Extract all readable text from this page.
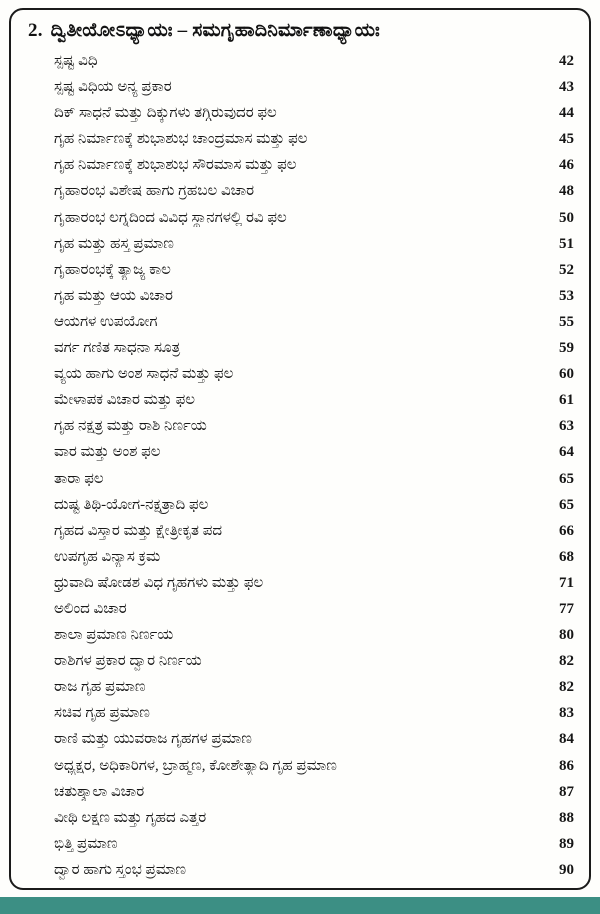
2. ದ್ವಿತೀಯೋಽಧ್ಯಾಯಃ – ಸಮಗೃಹಾದಿನಿರ್ಮಾಣಾಧ್ಯಾಯಃ
ಸ್ಪಷ್ಟ ವಿಧಿ	42
ಸ್ಪಷ್ಟ ವಿಧಿಯ ಅನ್ಯ ಪ್ರಕಾರ	43
ದಿಕ್ ಸಾಧನೆ ಮತ್ತು ದಿಕ್ಕುಗಳು ತಗ್ಗಿರುವುದರ ಫಲ	44
ಗೃಹ ನಿರ್ಮಾಣಕ್ಕೆ ಶುಭಾಶುಭ ಚಾಂದ್ರಮಾಸ ಮತ್ತು ಫಲ	45
ಗೃಹ ನಿರ್ಮಾಣಕ್ಕೆ ಶುಭಾಶುಭ ಸೌರಮಾಸ ಮತ್ತು ಫಲ	46
ಗೃಹಾರಂಭ ವಿಶೇಷ ಹಾಗು ಗ್ರಹಬಲ ವಿಚಾರ	48
ಗೃಹಾರಂಭ ಲಗ್ನದಿಂದ ವಿವಿಧ ಸ್ಥಾನಗಳಲ್ಲಿ ರವಿ ಫಲ	50
ಗೃಹ ಮತ್ತು ಹಸ್ತ ಪ್ರಮಾಣ	51
ಗೃಹಾರಂಭಕ್ಕೆ ತ್ಯಾಜ್ಯ ಕಾಲ	52
ಗೃಹ ಮತ್ತು ಆಯ ವಿಚಾರ	53
ಆಯಗಳ ಉಪಯೋಗ	55
ವರ್ಗ ಗಣಿತ ಸಾಧನಾ ಸೂತ್ರ	59
ವ್ಯಯ ಹಾಗು ಅಂಶ ಸಾಧನೆ ಮತ್ತು ಫಲ	60
ಮೇಳಾಪಕ ವಿಚಾರ ಮತ್ತು ಫಲ	61
ಗೃಹ ನಕ್ಷತ್ರ ಮತ್ತು ರಾಶಿ ನಿರ್ಣಯ	63
ವಾರ ಮತ್ತು ಅಂಶ ಫಲ	64
ತಾರಾ ಫಲ	65
ದುಷ್ಟ ತಿಥಿ-ಯೋಗ-ನಕ್ಷತ್ರಾದಿ ಫಲ	65
ಗೃಹದ ವಿಸ್ತಾರ ಮತ್ತು ಕ್ಷೇತ್ರೀಕೃತ ಪದ	66
ಉಪಗೃಹ ವಿನ್ಯಾಸ ಕ್ರಮ	68
ಧ್ರುವಾದಿ ಷೋಡಶ ವಿಧ ಗೃಹಗಳು ಮತ್ತು ಫಲ	71
ಅಲಿಂದ ವಿಚಾರ	77
ಶಾಲಾ ಪ್ರಮಾಣ ನಿರ್ಣಯ	80
ರಾಶಿಗಳ ಪ್ರಕಾರ ದ್ವಾರ ನಿರ್ಣಯ	82
ರಾಜ ಗೃಹ ಪ್ರಮಾಣ	82
ಸಚಿವ ಗೃಹ ಪ್ರಮಾಣ	83
ರಾಣಿ ಮತ್ತು ಯುವರಾಜ ಗೃಹಗಳ ಪ್ರಮಾಣ	84
ಅಧ್ಯಕ್ಷರ, ಅಧಿಕಾರಿಗಳ, ಬ್ರಾಹ್ಮಣ, ಕೋಶೇತ್ಯಾದಿ ಗೃಹ ಪ್ರಮಾಣ	86
ಚತುಶ್ಶಾಲಾ ವಿಚಾರ	87
ವೀಥಿ ಲಕ್ಷಣ ಮತ್ತು ಗೃಹದ ಎತ್ತರ	88
ಭಿತ್ತಿ ಪ್ರಮಾಣ	89
ದ್ವಾರ ಹಾಗು ಸ್ತಂಭ ಪ್ರಮಾಣ	90
